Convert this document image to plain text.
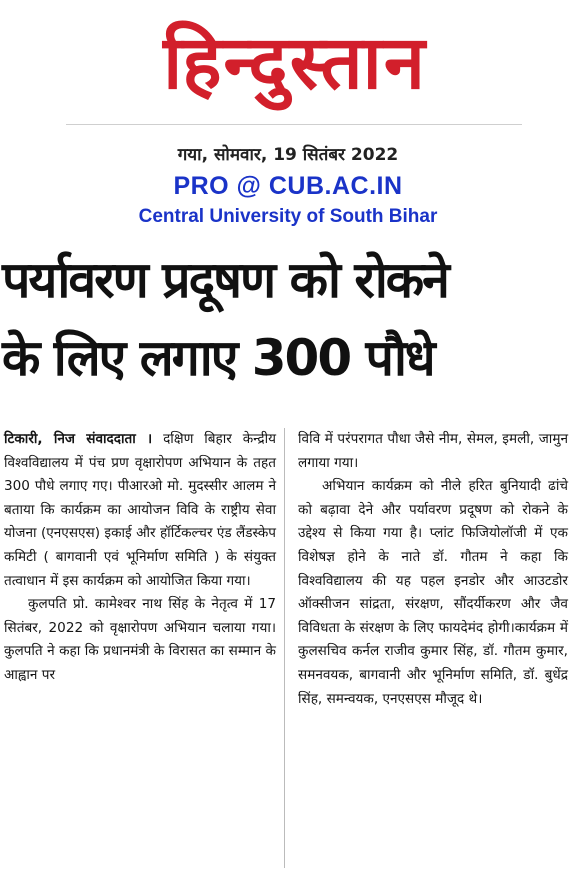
हिन्दुस्तान
गया, सोमवार, 19 सितंबर 2022
PRO @ CUB.AC.IN
Central University of South Bihar
पर्यावरण प्रदूषण को रोकने
के लिए लगाए 300 पौधे

टिकारी, निज संवाददाता । दक्षिण बिहार केन्द्रीय विश्वविद्यालय में पंच प्रण वृक्षारोपण अभियान के तहत 300 पौधे लगाए गए। पीआरओ मो. मुदस्सीर आलम ने बताया कि कार्यक्रम का आयोजन विवि के राष्ट्रीय सेवा योजना (एनएसएस) इकाई और हॉर्टिकल्चर एंड लैंडस्केप कमिटी ( बागवानी एवं भूनिर्माण समिति ) के संयुक्त तत्वाधान में इस कार्यक्रम को आयोजित किया गया।

कुलपति प्रो. कामेश्वर नाथ सिंह के नेतृत्व में 17 सितंबर, 2022 को वृक्षारोपण अभियान चलाया गया। कुलपति ने कहा कि प्रधानमंत्री के विरासत का सम्मान के आह्वान पर

विवि में परंपरागत पौधा जैसे नीम, सेमल, इमली, जामुन लगाया गया।

अभियान कार्यक्रम को नीले हरित बुनियादी ढांचे को बढ़ावा देने और पर्यावरण प्रदूषण को रोकने के उद्देश्य से किया गया है। प्लांट फिजियोलॉजी में एक विशेषज्ञ होने के नाते डॉ. गौतम ने कहा कि विश्वविद्यालय की यह पहल इनडोर और आउटडोर ऑक्सीजन सांद्रता, संरक्षण, सौंदर्यीकरण और जैव विविधता के संरक्षण के लिए फायदेमंद होगी।कार्यक्रम में कुलसचिव कर्नल राजीव कुमार सिंह, डॉ. गौतम कुमार, समनवयक, बागवानी और भूनिर्माण समिति, डॉ. बुधेंद्र सिंह, समन्वयक, एनएसएस मौजूद थे।
